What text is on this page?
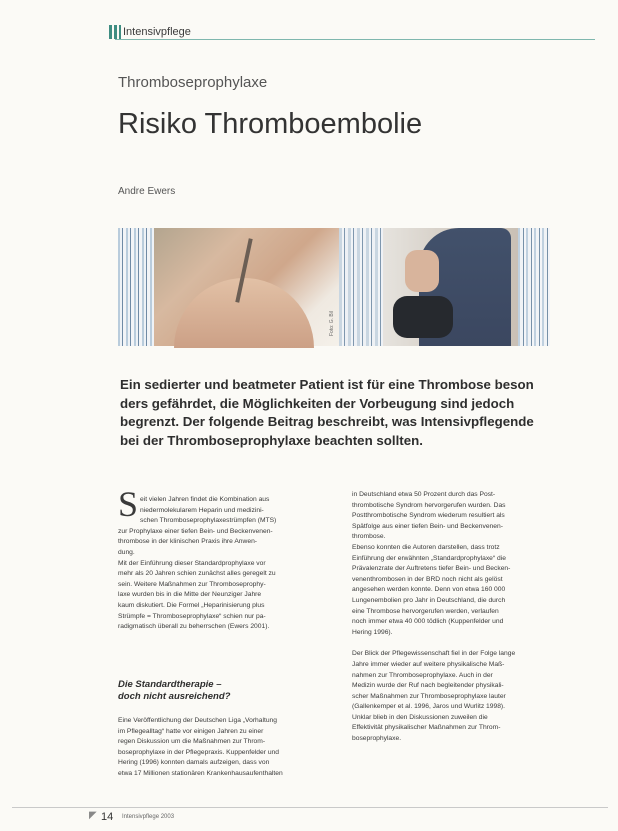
Intensivpflege
Thromboseprophylaxe
Risiko Thromboembolie
Andre Ewers
Foto: G. Bil
Ein sedierter und beatmeter Patient ist für eine Thrombose beson
ders gefährdet, die Möglichkeiten der Vorbeugung sind jedoch
begrenzt. Der folgende Beitrag beschreibt, was Intensivpflegende
bei der Thromboseprophylaxe beachten sollten.
S eit vielen Jahren findet die Kombination aus
niedermolekularem Heparin und medizini-
schen Thromboseprophylaxestrümpfen (MTS)
zur Prophylaxe einer tiefen Bein- und Beckenvenen-
thrombose in der klinischen Praxis ihre Anwen-
dung.
Mit der Einführung dieser Standardprophylaxe vor
mehr als 20 Jahren schien zunächst alles geregelt zu
sein. Weitere Maßnahmen zur Thromboseprophy-
laxe wurden bis in die Mitte der Neunziger Jahre
kaum diskutiert. Die Formel „Heparinisierung plus
Strümpfe = Thromboseprophylaxe“ schien nur pa-
radigmatisch überall zu beherrschen (Ewers 2001).
Die Standardtherapie –
doch nicht ausreichend?
Eine Veröffentlichung der Deutschen Liga „Vorhaltung
im Pflegealltag“ hatte vor einigen Jahren zu einer
regen Diskussion um die Maßnahmen zur Throm-
boseprophylaxe in der Pflegepraxis. Kuppenfelder und
Hering (1996) konnten damals aufzeigen, dass von
etwa 17 Millionen stationären Krankenhausaufenthalten
in Deutschland etwa 50 Prozent durch das Post-
thrombotische Syndrom hervorgerufen wurden. Das
Postthrombotische Syndrom wiederum resultiert als
Spätfolge aus einer tiefen Bein- und Beckenvenen-
thrombose.
Ebenso konnten die Autoren darstellen, dass trotz
Einführung der erwähnten „Standardprophylaxe“ die
Prävalenzrate der Auftretens tiefer Bein- und Becken-
venenthrombosen in der BRD noch nicht als gelöst
angesehen werden konnte. Denn von etwa 160 000
Lungenembolien pro Jahr in Deutschland, die durch
eine Thrombose hervorgerufen werden, verlaufen
noch immer etwa 40 000 tödlich (Kuppenfelder und
Hering 1996).
Der Blick der Pflegewissenschaft fiel in der Folge lange
Jahre immer wieder auf weitere physikalische Maß-
nahmen zur Thromboseprophylaxe. Auch in der
Medizin wurde der Ruf nach begleitender physikali-
scher Maßnahmen zur Thromboseprophylaxe lauter
(Gallenkemper et al. 1996, Jaros und Wurlitz 1998).
Unklar blieb in den Diskussionen zuweilen die
Effektivität physikalischer Maßnahmen zur Throm-
boseprophylaxe.
◤ 14 Intensivpflege 2003
